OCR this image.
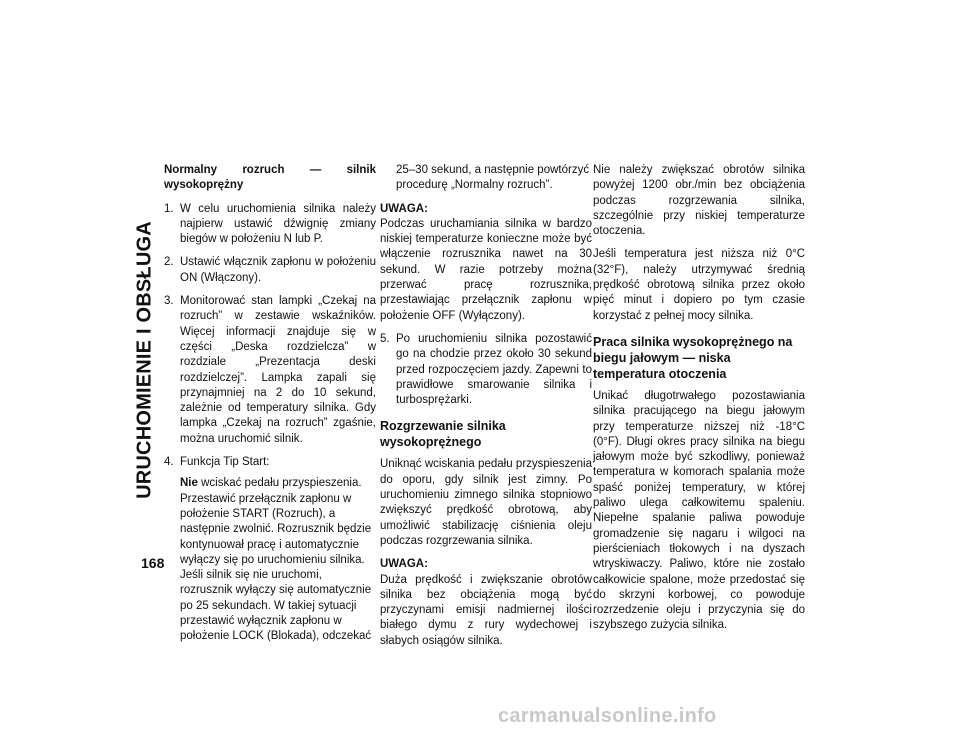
URUCHOMIENIE I OBSŁUGA
168
Normalny rozruch — silnik wysokoprężny
1. W celu uruchomienia silnika należy najpierw ustawić dźwignię zmiany biegów w położeniu N lub P.
2. Ustawić włącznik zapłonu w położeniu ON (Włączony).
3. Monitorować stan lampki „Czekaj na rozruch” w zestawie wskaźników. Więcej informacji znajduje się w części „Deska rozdzielcza” w rozdziale „Prezentacja deski rozdzielczej”. Lampka zapali się przynajmniej na 2 do 10 sekund, zależnie od temperatury silnika. Gdy lampka „Czekaj na rozruch” zgaśnie, można uruchomić silnik.
4. Funkcja Tip Start:

Nie wciskać pedału przyspieszenia. Przestawić przełącznik zapłonu w położenie START (Rozruch), a następnie zwolnić. Rozrusznik będzie kontynuował pracę i automatycznie wyłączy się po uruchomieniu silnika. Jeśli silnik się nie uruchomi, rozrusznik wyłączy się automatycznie po 25 sekundach. W takiej sytuacji przestawić wyłącznik zapłonu w położenie LOCK (Blokada), odczekać

25–30 sekund, a następnie powtórzyć procedurę „Normalny rozruch”.

UWAGA:

Podczas uruchamiania silnika w bardzo niskiej temperaturze konieczne może być włączenie rozrusznika nawet na 30 sekund. W razie potrzeby można przerwać pracę rozrusznika, przestawiając przełącznik zapłonu w położenie OFF (Wyłączony).

5. Po uruchomieniu silnika pozostawić go na chodzie przez około 30 sekund przed rozpoczęciem jazdy. Zapewni to prawidłowe smarowanie silnika i turbosprężarki.
Rozgrzewanie silnika wysokoprężnego

Uniknąć wciskania pedału przyspieszenia do oporu, gdy silnik jest zimny. Po uruchomieniu zimnego silnika stopniowo zwiększyć prędkość obrotową, aby umożliwić stabilizację ciśnienia oleju podczas rozgrzewania silnika.

UWAGA:

Duża prędkość i zwiększanie obrotów silnika bez obciążenia mogą być przyczynami emisji nadmiernej ilości białego dymu z rury wydechowej i słabych osiągów silnika.

Nie należy zwiększać obrotów silnika powyżej 1200 obr./min bez obciążenia podczas rozgrzewania silnika, szczególnie przy niskiej temperaturze otoczenia.

Jeśli temperatura jest niższa niż 0°C (32°F), należy utrzymywać średnią prędkość obrotową silnika przez około pięć minut i dopiero po tym czasie korzystać z pełnej mocy silnika.

Praca silnika wysokoprężnego na biegu jałowym — niska temperatura otoczenia

Unikać długotrwałego pozostawiania silnika pracującego na biegu jałowym przy temperaturze niższej niż -18°C (0°F). Długi okres pracy silnika na biegu jałowym może być szkodliwy, ponieważ temperatura w komorach spalania może spaść poniżej temperatury, w której paliwo ulega całkowitemu spaleniu. Niepełne spalanie paliwa powoduje gromadzenie się nagaru i wilgoci na pierścieniach tłokowych i na dyszach wtryskiwaczy. Paliwo, które nie zostało całkowicie spalone, może przedostać się do skrzyni korbowej, co powoduje rozrzedzenie oleju i przyczynia się do szybszego zużycia silnika.

carmanualsonline.info
